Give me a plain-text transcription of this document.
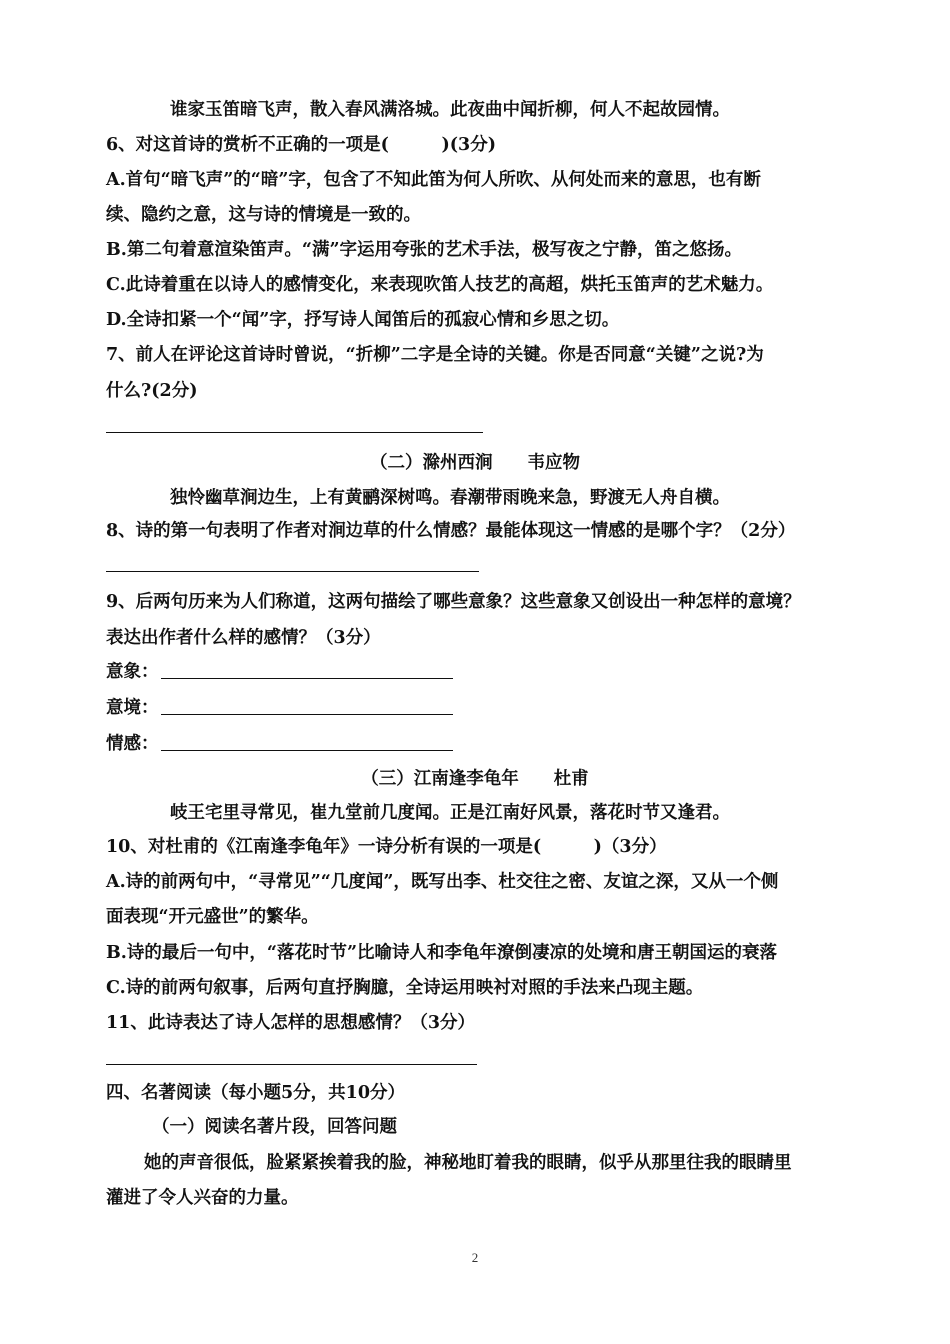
谁家玉笛暗飞声，散入春风满洛城。此夜曲中闻折柳，何人不起故园情。
6、对这首诗的赏析不正确的一项是(　　　)(3分)
A.首句“暗飞声”的“暗”字，包含了不知此笛为何人所吹、从何处而来的意思，也有断
续、隐约之意，这与诗的情境是一致的。
B.第二句着意渲染笛声。“满”字运用夸张的艺术手法，极写夜之宁静，笛之悠扬。
C.此诗着重在以诗人的感情变化，来表现吹笛人技艺的高超，烘托玉笛声的艺术魅力。
D.全诗扣紧一个“闻”字，抒写诗人闻笛后的孤寂心情和乡思之切。
7、前人在评论这首诗时曾说，“折柳”二字是全诗的关键。你是否同意“关键”之说?为
什么?(2分)
（二）滁州西涧　　韦应物
独怜幽草涧边生，上有黄鹂深树鸣。春潮带雨晚来急，野渡无人舟自横。
8、诗的第一句表明了作者对涧边草的什么情感？最能体现这一情感的是哪个字？（2分）
9、后两句历来为人们称道，这两句描绘了哪些意象？这些意象又创设出一种怎样的意境？
表达出作者什么样的感情？（3分）
意象：
意境：
情感：
（三）江南逢李龟年　　杜甫
岐王宅里寻常见，崔九堂前几度闻。正是江南好风景，落花时节又逢君。
10、对杜甫的《江南逢李龟年》一诗分析有误的一项是(　　　)（3分）
A.诗的前两句中，“寻常见”“几度闻”，既写出李、杜交往之密、友谊之深，又从一个侧
面表现“开元盛世”的繁华。
B.诗的最后一句中，“落花时节”比喻诗人和李龟年潦倒凄凉的处境和唐王朝国运的衰落
C.诗的前两句叙事，后两句直抒胸臆，全诗运用映衬对照的手法来凸现主题。
11、此诗表达了诗人怎样的思想感情？（3分）
四、名著阅读（每小题5分，共10分）
（一）阅读名著片段，回答问题
她的声音很低，脸紧紧挨着我的脸，神秘地盯着我的眼睛，似乎从那里往我的眼睛里
灌进了令人兴奋的力量。
2
